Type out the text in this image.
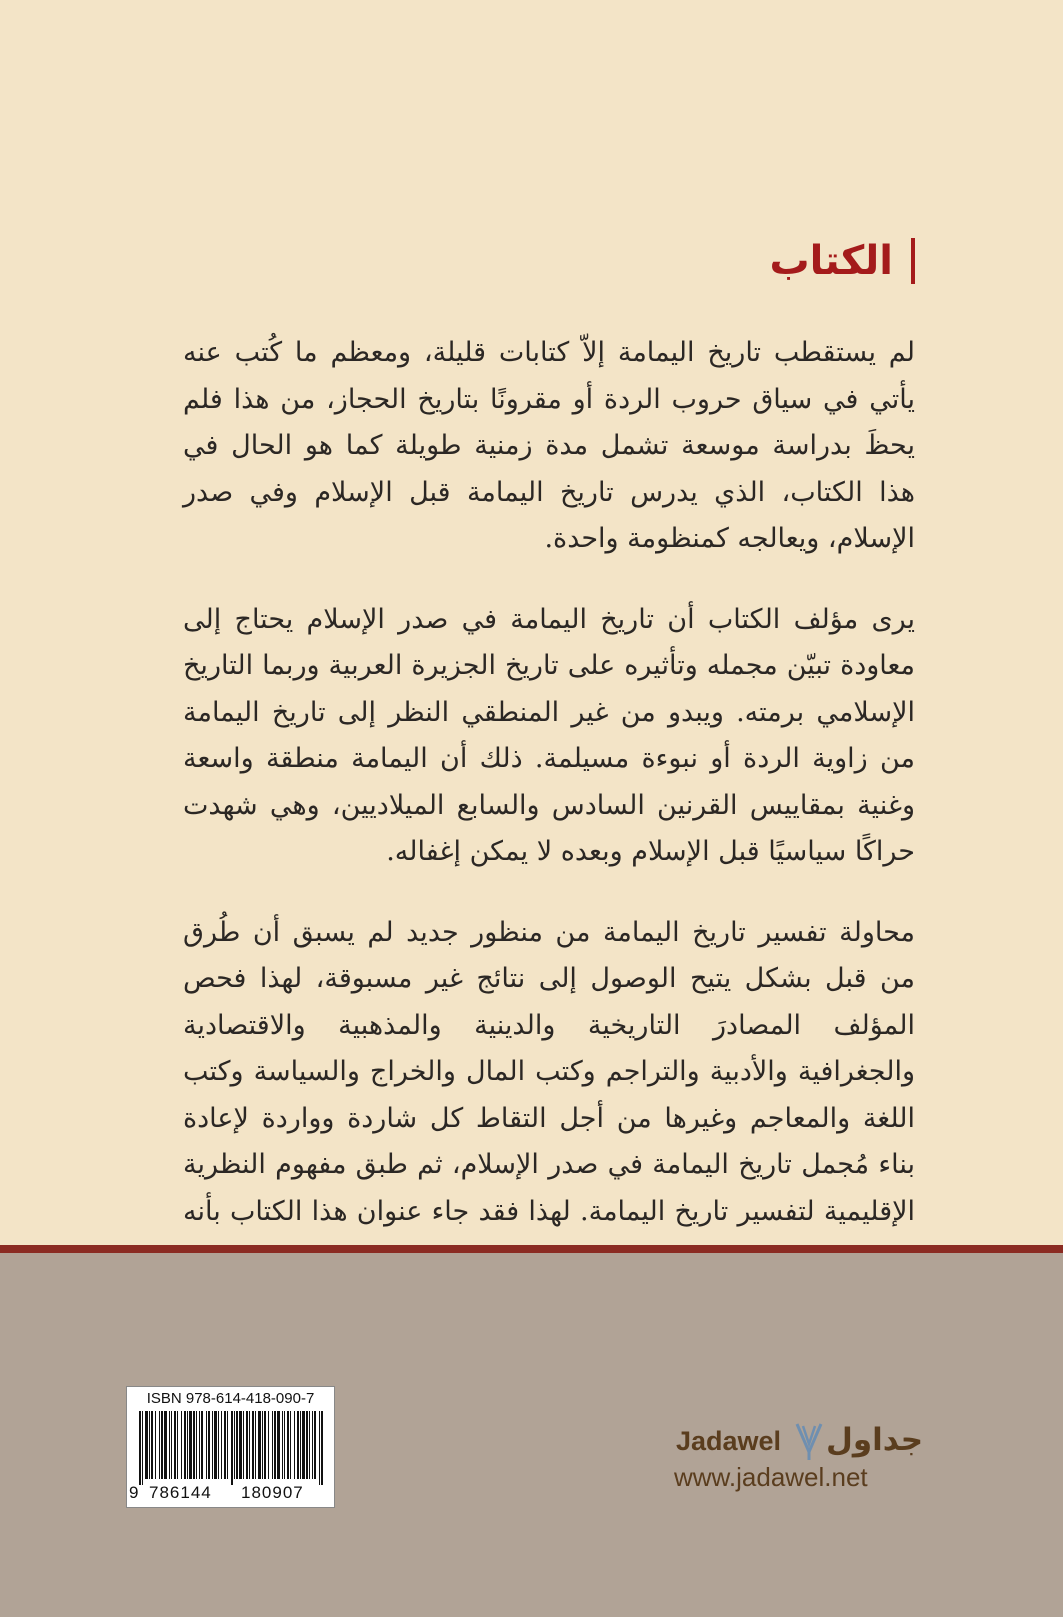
الكتاب

لم يستقطب تاريخ اليمامة إلاّ كتابات قليلة، ومعظم ما كُتب عنه يأتي في سياق حروب الردة أو مقرونًا بتاريخ الحجاز، من هذا فلم يحظَ بدراسة موسعة تشمل مدة زمنية طويلة كما هو الحال في هذا الكتاب، الذي يدرس تاريخ اليمامة قبل الإسلام وفي صدر الإسلام، ويعالجه كمنظومة واحدة.

يرى مؤلف الكتاب أن تاريخ اليمامة في صدر الإسلام يحتاج إلى معاودة تبيّن مجمله وتأثيره على تاريخ الجزيرة العربية وربما التاريخ الإسلامي برمته. ويبدو من غير المنطقي النظر إلى تاريخ اليمامة من زاوية الردة أو نبوءة مسيلمة. ذلك أن اليمامة منطقة واسعة وغنية بمقاييس القرنين السادس والسابع الميلاديين، وهي شهدت حراكًا سياسيًا قبل الإسلام وبعده لا يمكن إغفاله.

محاولة تفسير تاريخ اليمامة من منظور جديد لم يسبق أن طُرق من قبل بشكل يتيح الوصول إلى نتائج غير مسبوقة، لهذا فحص المؤلف المصادرَ التاريخية والدينية والمذهبية والاقتصادية والجغرافية والأدبية والتراجم وكتب المال والخراج والسياسة وكتب اللغة والمعاجم وغيرها من أجل التقاط كل شاردة وواردة لإعادة بناء مُجمل تاريخ اليمامة في صدر الإسلام، ثم طبق مفهوم النظرية الإقليمية لتفسير تاريخ اليمامة. لهذا فقد جاء عنوان هذا الكتاب بأنه

ISBN 978-614-418-090-7
9 786144 180907
Jadawel جداول
www.jadawel.net
